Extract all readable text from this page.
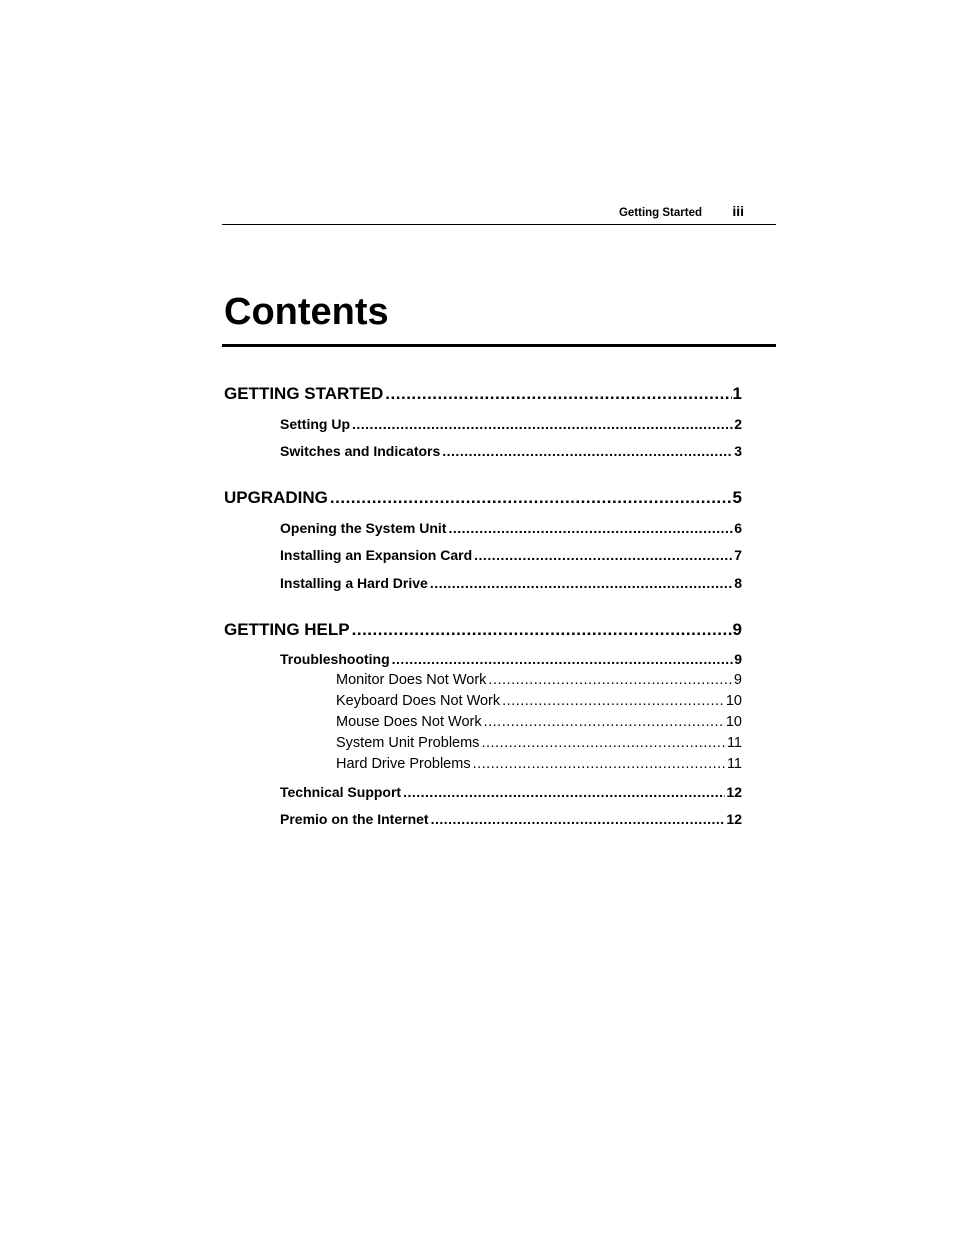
Getting Started iii
Contents
GETTING STARTED .....	1
Setting Up .....	2
Switches and Indicators .....	3
UPGRADING .....	5
Opening the System Unit .....	6
Installing an Expansion Card .....	7
Installing a Hard Drive .....	8
GETTING HELP .....	9
Troubleshooting .....	9
Monitor Does Not Work .....	9
Keyboard Does Not Work .....	10
Mouse Does Not Work .....	10
System Unit Problems .....	11
Hard Drive Problems .....	11
Technical Support .....	12
Premio on the Internet .....	12
